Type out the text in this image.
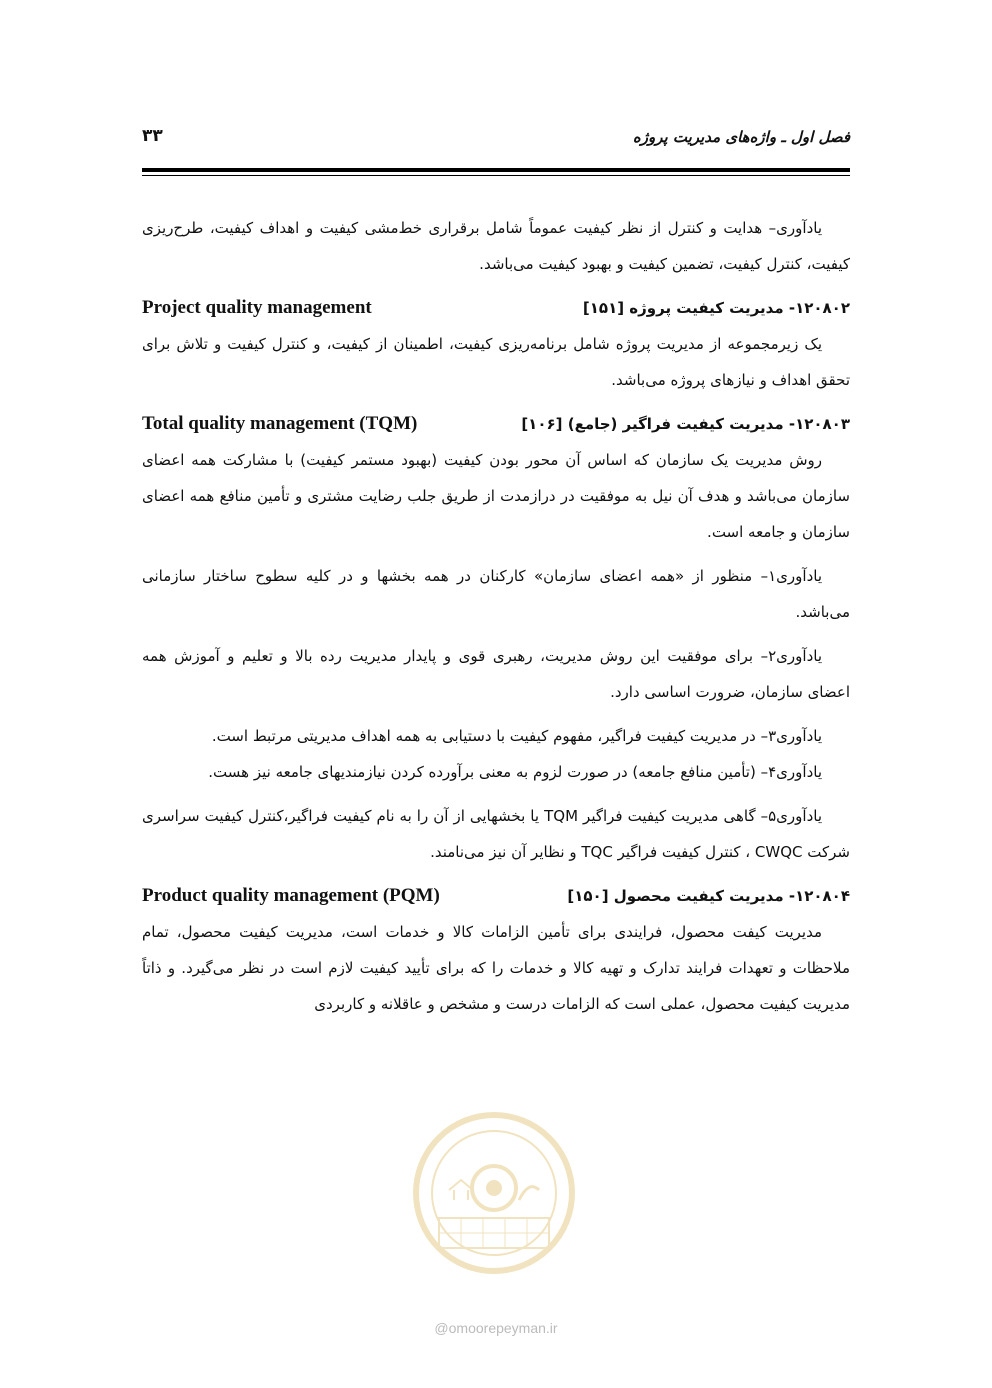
فصل اول ـ واژه‌های مدیریت پروژه
۳۳

یادآوری– هدایت و کنترل از نظر کیفیت عموماً شامل برقراری خط‌مشی کیفیت و اهداف کیفیت، طرح‌ریزی کیفیت، کنترل کیفیت، تضمین کیفیت و بهبود کیفیت می‌باشد.

۱۲۰۸۰۲- مدیریت کیفیت پروژه [۱۵۱]
Project quality management

یک زیرمجموعه از مدیریت پروژه شامل برنامه‌ریزی کیفیت، اطمینان از کیفیت، و کنترل کیفیت و تلاش برای تحقق اهداف و نیازهای پروژه می‌باشد.

۱۲۰۸۰۳- مدیریت کیفیت فراگیر (جامع) [۱۰۶]
Total quality management (TQM)

روش مدیریت یک سازمان که اساس آن محور بودن کیفیت (بهبود مستمر کیفیت) با مشارکت همه اعضای سازمان می‌باشد و هدف آن نیل به موفقیت در درازمدت از طریق جلب رضایت مشتری و تأمین منافع همه اعضای سازمان و جامعه است.

یادآوری۱– منظور از «همه اعضای سازمان» کارکنان در همه بخشها و در کلیه سطوح ساختار سازمانی می‌باشد.

یادآوری۲– برای موفقیت این روش مدیریت، رهبری قوی و پایدار مدیریت رده بالا و تعلیم و آموزش همه اعضای سازمان، ضرورت اساسی دارد.

یادآوری۳– در مدیریت کیفیت فراگیر، مفهوم کیفیت با دستیابی به همه اهداف مدیریتی مرتبط است.

یادآوری۴– (تأمین منافع جامعه) در صورت لزوم به معنی برآورده کردن نیازمندیهای جامعه نیز هست.

یادآوری۵– گاهی مدیریت کیفیت فراگیر TQM یا بخشهایی از آن را به نام کیفیت فراگیر،کنترل کیفیت سراسری شرکت CWQC ، کنترل کیفیت فراگیر TQC و نظایر آن نیز می‌نامند.

۱۲۰۸۰۴- مدیریت کیفیت محصول [۱۵۰]
Product quality management (PQM)

مدیریت کیفت محصول، فرایندی برای تأمین الزامات کالا و خدمات است، مدیریت کیفیت محصول، تمام ملاحظات و تعهدات فرایند تدارک و تهیه کالا و خدمات را که برای تأیید کیفیت لازم است در نظر می‌گیرد. و ذاتاً مدیریت کیفیت محصول، عملی است که الزامات درست و مشخص و عاقلانه و کاربردی

@omoorepeyman.ir
